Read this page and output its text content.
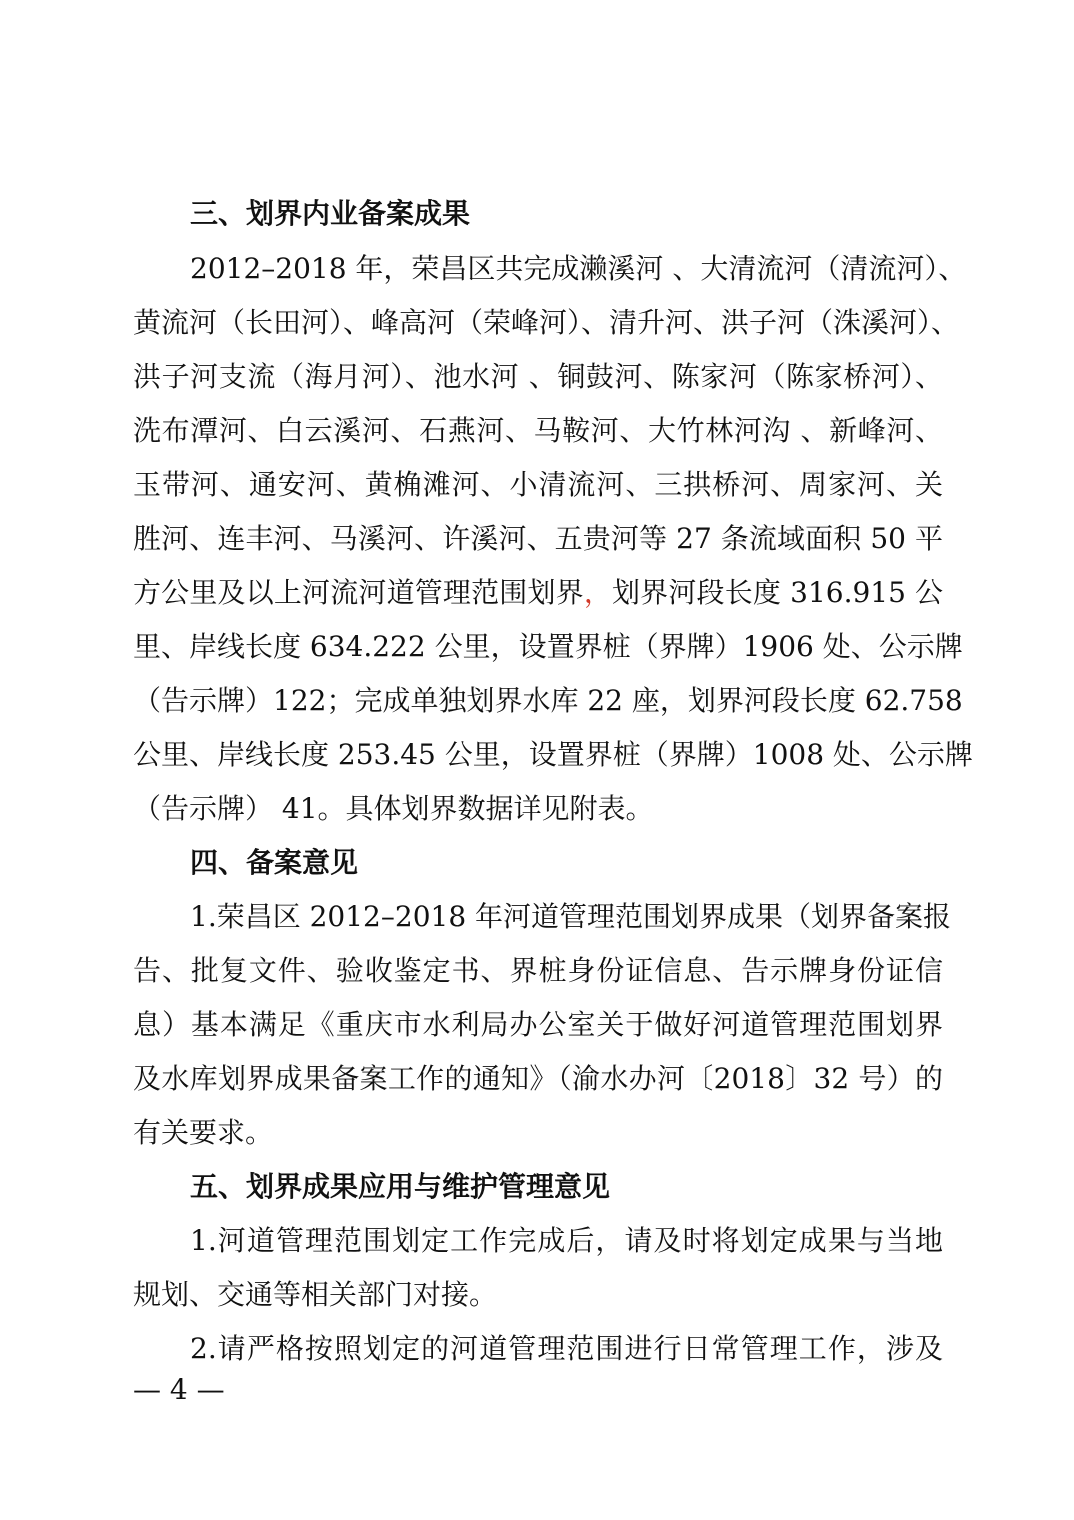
三、划界内业备案成果
2012–2018 年，荣昌区共完成濑溪河 、大清流河（清流河）、
黄流河（长田河）、峰高河（荣峰河）、清升河、洪子河（洙溪河）、
洪子河支流（海月河）、池水河 、铜鼓河、陈家河（陈家桥河）、
洗布潭河、白云溪河、石燕河、马鞍河、大竹林河沟 、新峰河、
玉带河、通安河、黄桷滩河、小清流河、三拱桥河、周家河、关
胜河、连丰河、马溪河、许溪河、五贵河等 27 条流域面积 50 平
方公里及以上河流河道管理范围划界，划界河段长度 316.915 公
里、岸线长度 634.222 公里，设置界桩（界牌）1906 处、公示牌
（告示牌）122；完成单独划界水库 22 座，划界河段长度 62.758
公里、岸线长度 253.45 公里，设置界桩（界牌）1008 处、公示牌
（告示牌） 41。具体划界数据详见附表。
四、备案意见
1.荣昌区 2012–2018 年河道管理范围划界成果（划界备案报
告、批复文件、验收鉴定书、界桩身份证信息、告示牌身份证信
息）基本满足《重庆市水利局办公室关于做好河道管理范围划界
及水库划界成果备案工作的通知》（渝水办河〔2018〕32 号）的
有关要求。
五、划界成果应用与维护管理意见
1.河道管理范围划定工作完成后，请及时将划定成果与当地
规划、交通等相关部门对接。
2.请严格按照划定的河道管理范围进行日常管理工作，涉及
— 4 —
